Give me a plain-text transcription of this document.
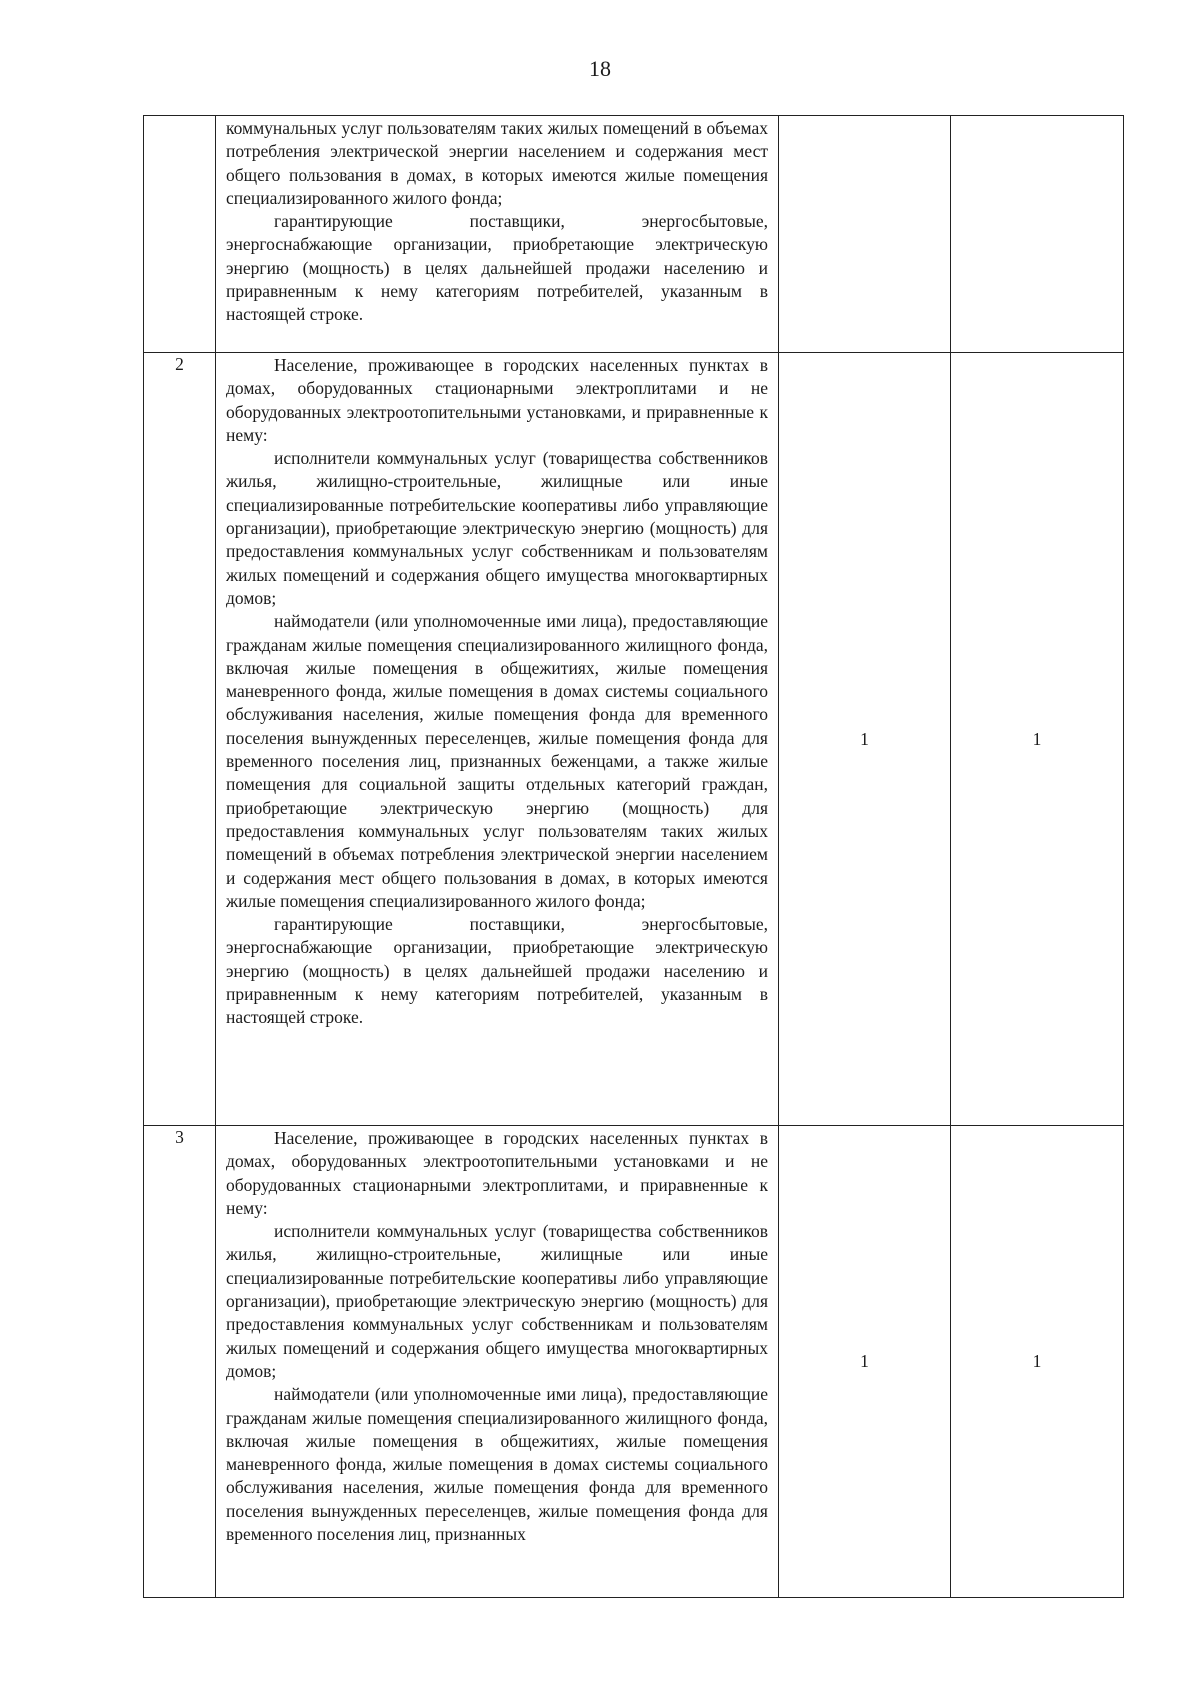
18

	коммунальных услуг пользователям таких жилых помещений в объемах потребления электрической энергии населением и содержания мест общего пользования в домах, в которых имеются жилые помещения специализированного жилого фонда;

гарантирующие поставщики, энергосбытовые, энергоснабжающие организации, приобретающие электрическую энергию (мощность) в целях дальнейшей продажи населению и приравненным к нему категориям потребителей, указанным в настоящей строке.		

2	Население, проживающее в городских населенных пунктах в домах, оборудованных стационарными электроплитами и не оборудованных электроотопительными установками, и приравненные к нему:

исполнители коммунальных услуг (товарищества собственников жилья, жилищно-строительные, жилищные или иные специализированные потребительские кооперативы либо управляющие организации), приобретающие электрическую энергию (мощность) для предоставления коммунальных услуг собственникам и пользователям жилых помещений и содержания общего имущества многоквартирных домов;

наймодатели (или уполномоченные ими лица), предоставляющие гражданам жилые помещения специализированного жилищного фонда, включая жилые помещения в общежитиях, жилые помещения маневренного фонда, жилые помещения в домах системы социального обслуживания населения, жилые помещения фонда для временного поселения вынужденных переселенцев, жилые помещения фонда для временного поселения лиц, признанных беженцами, а также жилые помещения для социальной защиты отдельных категорий граждан, приобретающие электрическую энергию (мощность) для предоставления коммунальных услуг пользователям таких жилых помещений в объемах потребления электрической энергии населением и содержания мест общего пользования в домах, в которых имеются жилые помещения специализированного жилого фонда;

гарантирующие поставщики, энергосбытовые, энергоснабжающие организации, приобретающие электрическую энергию (мощность) в целях дальнейшей продажи населению и приравненным к нему категориям потребителей, указанным в настоящей строке.	1	1
3	Население, проживающее в городских населенных пунктах в домах, оборудованных электроотопительными установками и не оборудованных стационарными электроплитами, и приравненные к нему:

исполнители коммунальных услуг (товарищества собственников жилья, жилищно-строительные, жилищные или иные специализированные потребительские кооперативы либо управляющие организации), приобретающие электрическую энергию (мощность) для предоставления коммунальных услуг собственникам и пользователям жилых помещений и содержания общего имущества многоквартирных домов;

наймодатели (или уполномоченные ими лица), предоставляющие гражданам жилые помещения специализированного жилищного фонда, включая жилые помещения в общежитиях, жилые помещения маневренного фонда, жилые помещения в домах системы социального обслуживания населения, жилые помещения фонда для временного поселения вынужденных переселенцев, жилые помещения фонда для временного поселения лиц, признанных	1	1
